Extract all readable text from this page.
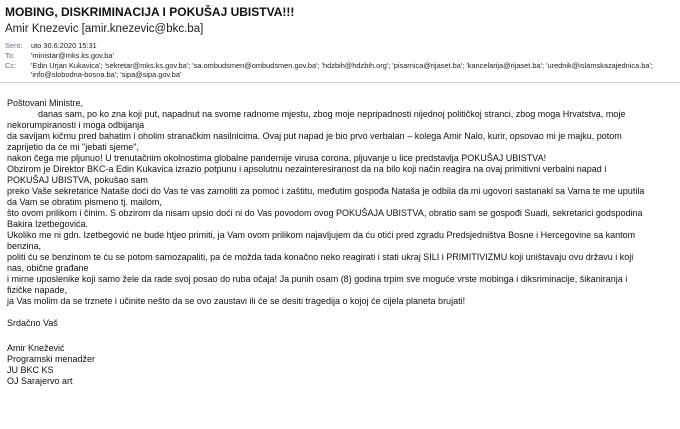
MOBING, DISKRIMINACIJA I POKUŠAJ UBISTVA!!!
Amir Knezevic [amir.knezevic@bkc.ba]
Sent: uto 30.6.2020 15:31
To: 'ministar@mks.ks.gov.ba'
Cc: 'Edin Urjan Kukavica'; 'sekretar@mks.ks.gov.ba'; 'sa.ombudsmen@ombudsmen.gov.ba'; 'hdzbih@hdzbih.org'; 'pisarnica@rijaset.ba'; 'kancelarija@rijaset.ba'; 'urednik@islamskazajednica.ba';
'info@slobodna-bosna.ba'; 'sipa@sipa.gov.ba'

Poštovani Ministre,

danas sam, po ko zna koji put, napadnut na svome radnome mjestu, zbog moje nepripadnosti nijednoj političkoj stranci, zbog moga Hrvatstva, moje

nekorumpiranosti i moga odbijanja

da savijam kičmu pred bahatim i oholim stranačkim nasilnicima. Ovaj put napad je bio prvo verbalan – kolega Amir Nalo, kurir, opsovao mi je majku, potom

zaprijetio da će mi "jebati sjeme",

nakon čega me pljunuo! U trenutačnim okolnostima globalne pandemije virusa corona, pljuvanje u lice predstavlja POKUŠAJ UBISTVA!

Obzirom je Direktor BKC-a Edin Kukavica izrazio potpunu i apsolutnu nezainteresiranost da na bilo koji način reagira na ovaj primitivni verbalni napad i

POKUŠAJ UBISTVA, pokušao sam

preko Vaše sekretarice Nataše doći do Vas te vas zamoliti za pomoć i zaštitu, međutim gospođa Nataša je odbila da mi ugovori sastanakl sa Vama te me uputila

da Vam se obratim pismeno tj. mailom,

što ovom prilikom i činim. S obzirom da nisam upsio doći ni do Vas povodom ovog POKUŠAJA UBISTVA, obratio sam se gospođi Suadi, sekretarici godspodina

Bakira Izetbegovića.

Ukoliko me ni gdn. Izetbegović ne bude htjeo primiti, ja Vam ovom prilikom najavljujem da ću otići pred zgradu Predsjedništva Bosne i Hercegovine sa kantom

benzina,

politi ću se benzinom te ću se potom samozapaliti, pa će možda tada konačno neko reagirati i stati ukraj SILI i PRIMITIVIZMU koji uništavaju ovu državu i koji

nas, obične građane

i mirne uposlenike koji samo žele da rade svoj posao do ruba očaja! Ja punih osam (8) godina trpim sve moguće vrste mobinga i diksriminacije, šikaniranja i

fizičke napade,

ja Vas molim da se trznete i učinite nešto da se ovo zaustavi ili će se desiti tragedija o kojoj će cijela planeta brujati!

Srdačno Vaš

Amir Knežević

Programski menadžer

JU BKC KS

OJ Sarajervo art
